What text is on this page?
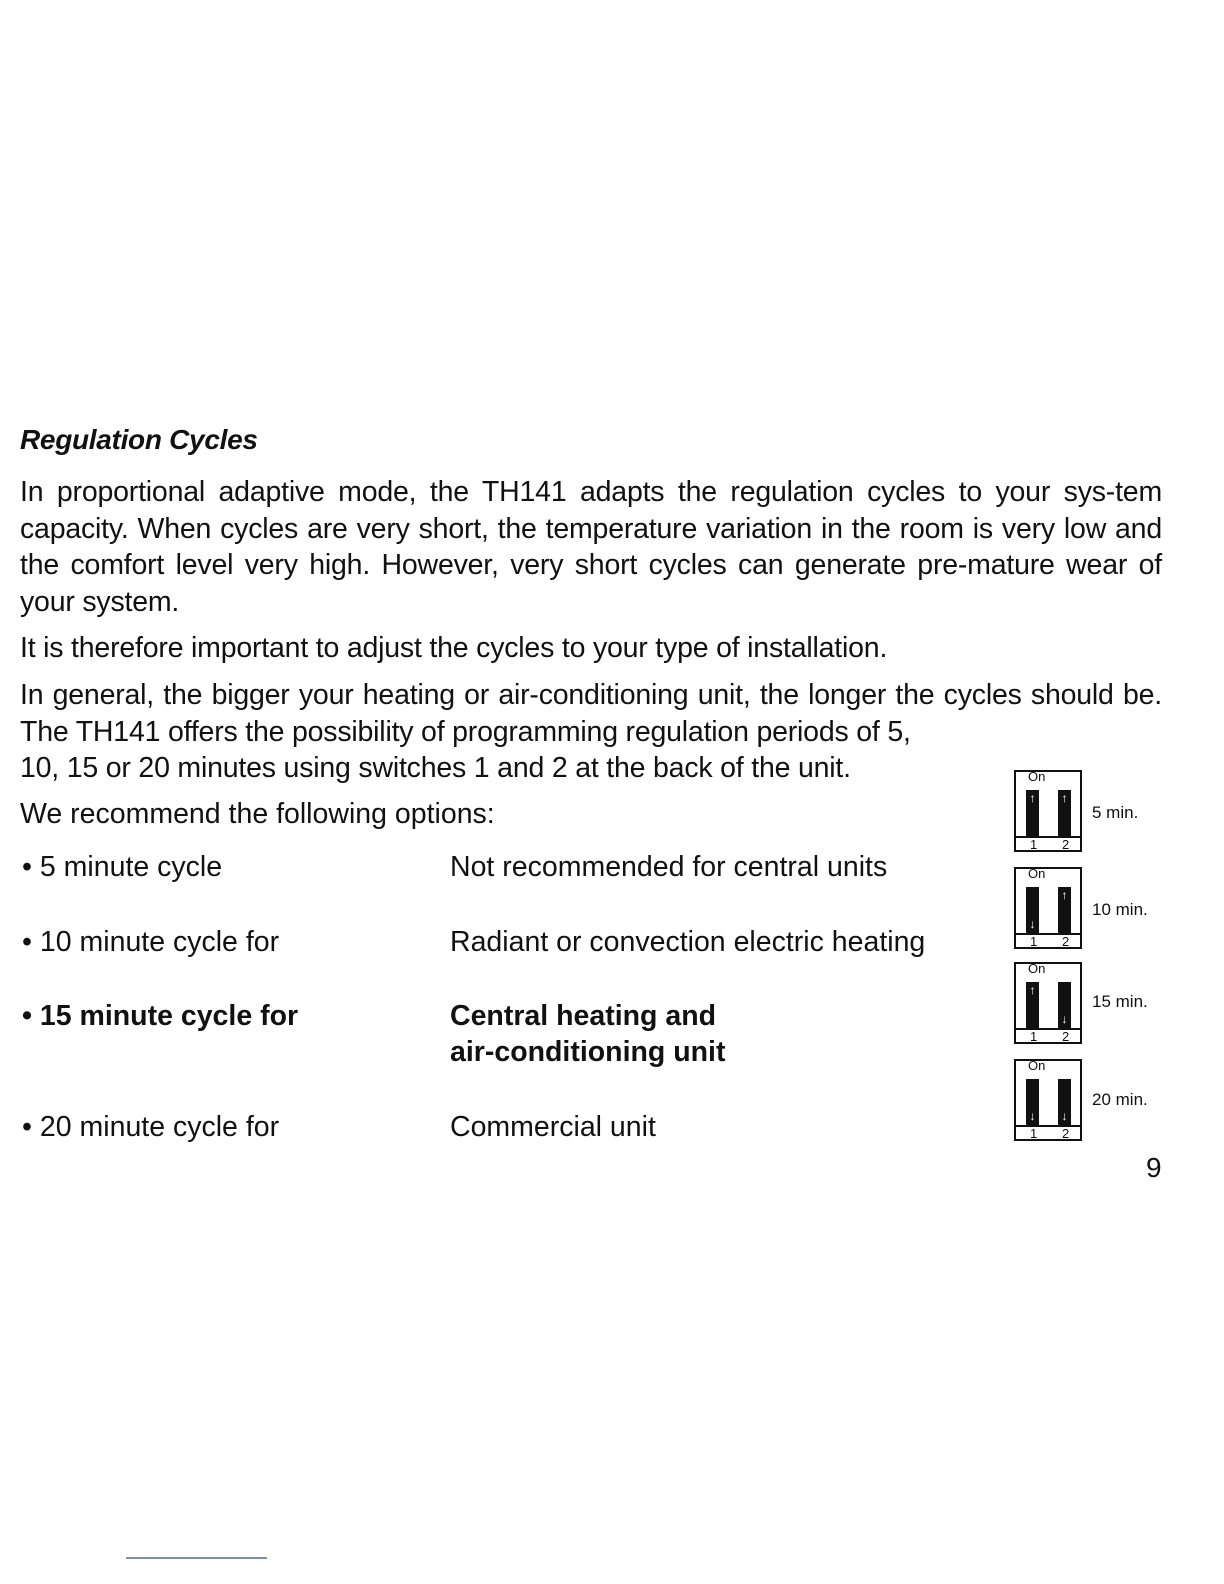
Regulation Cycles

In proportional adaptive mode, the TH141 adapts the regulation cycles to your sys-tem capacity. When cycles are very short, the temperature variation in the room is very low and the comfort level very high. However, very short cycles can generate pre-mature wear of your system.

It is therefore important to adjust the cycles to your type of installation.

In general, the bigger your heating or air-conditioning unit, the longer the cycles should be. The TH141 offers the possibility of programming regulation periods of 5,
10, 15 or 20 minutes using switches 1 and 2 at the back of the unit.
We recommend the following options:
• 5 minute cycle	Not recommended for central units
• 10 minute cycle for	Radiant or convection electric heating
• 15 minute cycle for	Central heating and
air-conditioning unit
• 20 minute cycle for	Commercial unit
On
↑ ↑
1 2
5 min.
On
↓
↑
1 2
10 min.
On
↑
↓
1 2
15 min.
On
↓ ↓
1 2
20 min.
9
